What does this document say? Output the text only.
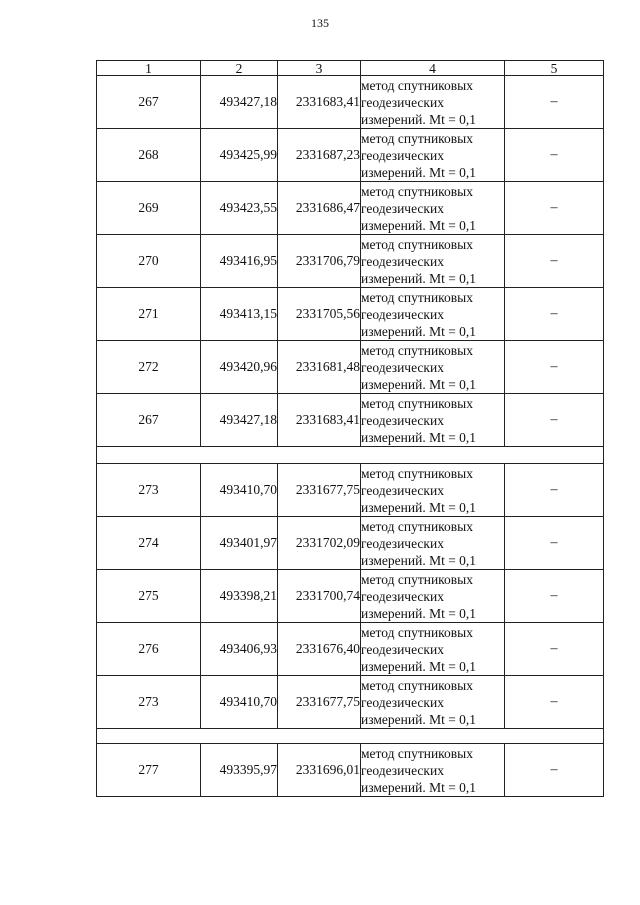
135
1	2	3	4	5
267	493427,18	2331683,41	метод спутниковых
геодезических
измерений. Mt = 0,1	–
268	493425,99	2331687,23	метод спутниковых
геодезических
измерений. Mt = 0,1	–
269	493423,55	2331686,47	метод спутниковых
геодезических
измерений. Mt = 0,1	–
270	493416,95	2331706,79	метод спутниковых
геодезических
измерений. Mt = 0,1	–
271	493413,15	2331705,56	метод спутниковых
геодезических
измерений. Mt = 0,1	–
272	493420,96	2331681,48	метод спутниковых
геодезических
измерений. Mt = 0,1	–
267	493427,18	2331683,41	метод спутниковых
геодезических
измерений. Mt = 0,1	–

273	493410,70	2331677,75	метод спутниковых
геодезических
измерений. Mt = 0,1	–
274	493401,97	2331702,09	метод спутниковых
геодезических
измерений. Mt = 0,1	–
275	493398,21	2331700,74	метод спутниковых
геодезических
измерений. Mt = 0,1	–
276	493406,93	2331676,40	метод спутниковых
геодезических
измерений. Mt = 0,1	–
273	493410,70	2331677,75	метод спутниковых
геодезических
измерений. Mt = 0,1	–

277	493395,97	2331696,01	метод спутниковых
геодезических
измерений. Mt = 0,1	–
